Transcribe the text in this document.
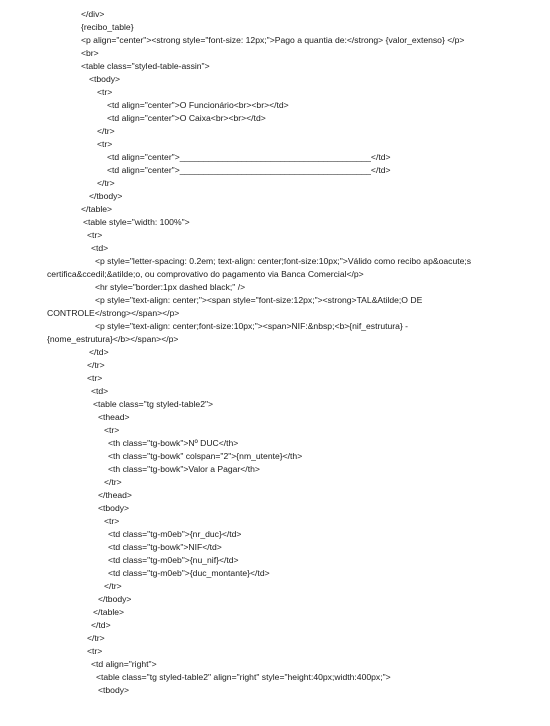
</div>
{recibo_table}
<p align="center"><strong style="font-size: 12px;">Pago a quantia de:</strong> {valor_extenso} </p>
<br>
<table class="styled-table-assin">
<tbody>
<tr>
<td align="center">O Funcionário<br><br></td>
<td align="center">O Caixa<br><br></td>
</tr>
<tr>
<td align="center">________________________________________</td>
<td align="center">________________________________________</td>
</tr>
</tbody>
</table>
<table style="width: 100%">
<tr>
<td>
<p style="letter-spacing: 0.2em; text-align: center;font-size:10px;">Válido como recibo ap&oacute;s
certifica&ccedil;&atilde;o, ou comprovativo do pagamento via Banca Comercial</p>
<hr style="border:1px dashed black;" />
<p style="text-align: center;"><span style="font-size:12px;"><strong>TAL&Atilde;O DE
CONTROLE</strong></span></p>
<p style="text-align: center;font-size:10px;"><span>NIF:&nbsp;<b>{nif_estrutura} -
{nome_estrutura}</b></span></p>
</td>
</tr>
<tr>
<td>
<table class="tg styled-table2">
<thead>
<tr>
<th class="tg-bowk">Nº DUC</th>
<th class="tg-bowk" colspan="2">{nm_utente}</th>
<th class="tg-bowk">Valor a Pagar</th>
</tr>
</thead>
<tbody>
<tr>
<td class="tg-m0eb">{nr_duc}</td>
<td class="tg-bowk">NIF</td>
<td class="tg-m0eb">{nu_nif}</td>
<td class="tg-m0eb">{duc_montante}</td>
</tr>
</tbody>
</table>
</td>
</tr>
<tr>
<td align="right">
<table class="tg styled-table2" align="right" style="height:40px;width:400px;">
<tbody>
